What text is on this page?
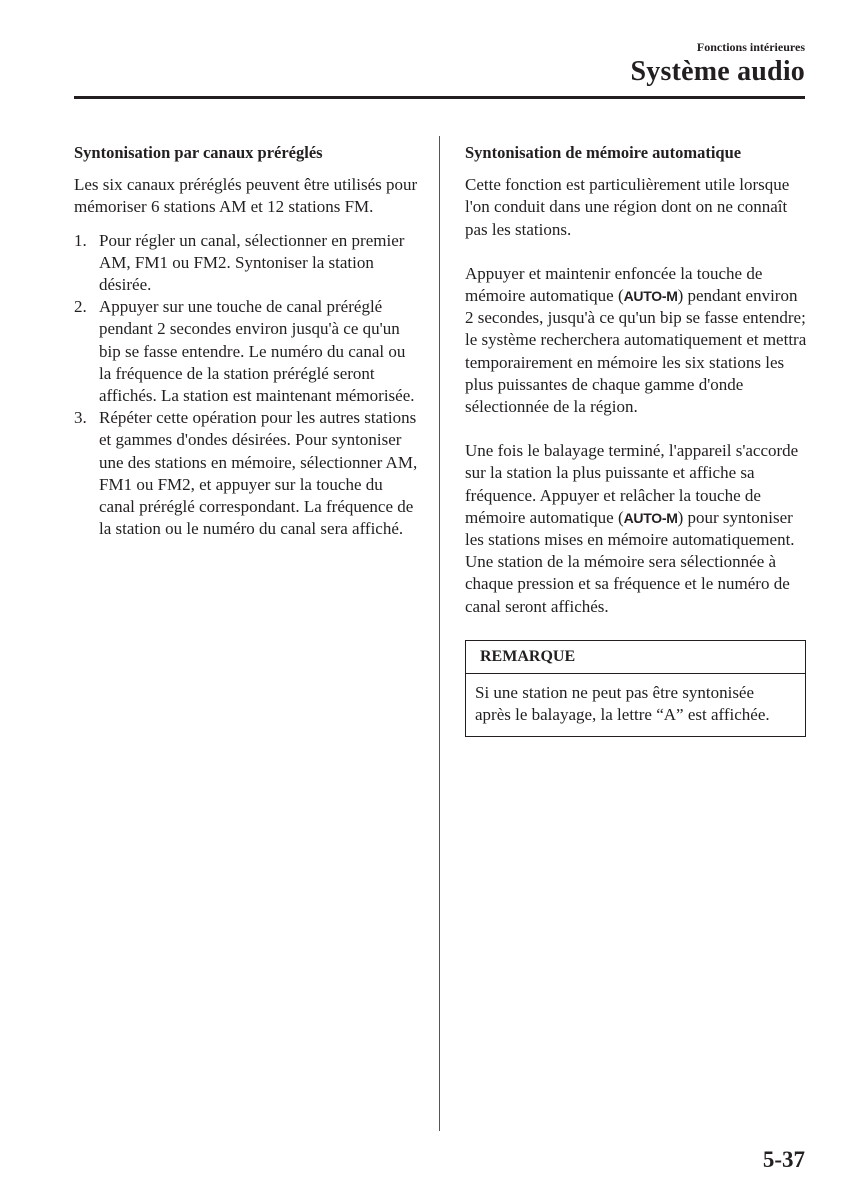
Fonctions intérieures
Système audio
Syntonisation par canaux préréglés

Les six canaux préréglés peuvent être utilisés pour mémoriser 6 stations AM et 12 stations FM.

1. Pour régler un canal, sélectionner en premier AM, FM1 ou FM2. Syntoniser la station désirée.
2. Appuyer sur une touche de canal préréglé pendant 2 secondes environ jusqu'à ce qu'un bip se fasse entendre. Le numéro du canal ou la fréquence de la station préréglé seront affichés. La station est maintenant mémorisée.
3. Répéter cette opération pour les autres stations et gammes d'ondes désirées. Pour syntoniser une des stations en mémoire, sélectionner AM, FM1 ou FM2, et appuyer sur la touche du canal préréglé correspondant. La fréquence de la station ou le numéro du canal sera affiché.
Syntonisation de mémoire automatique

Cette fonction est particulièrement utile lorsque l'on conduit dans une région dont on ne connaît pas les stations.

Appuyer et maintenir enfoncée la touche de mémoire automatique (AUTO-M) pendant environ 2 secondes, jusqu'à ce qu'un bip se fasse entendre; le système recherchera automatiquement et mettra temporairement en mémoire les six stations les plus puissantes de chaque gamme d'onde sélectionnée de la région.

Une fois le balayage terminé, l'appareil s'accorde sur la station la plus puissante et affiche sa fréquence. Appuyer et relâcher la touche de mémoire automatique (AUTO-M) pour syntoniser les stations mises en mémoire automatiquement. Une station de la mémoire sera sélectionnée à chaque pression et sa fréquence et le numéro de canal seront affichés.

REMARQUE
Si une station ne peut pas être syntonisée après le balayage, la lettre “A” est affichée.
5-37
